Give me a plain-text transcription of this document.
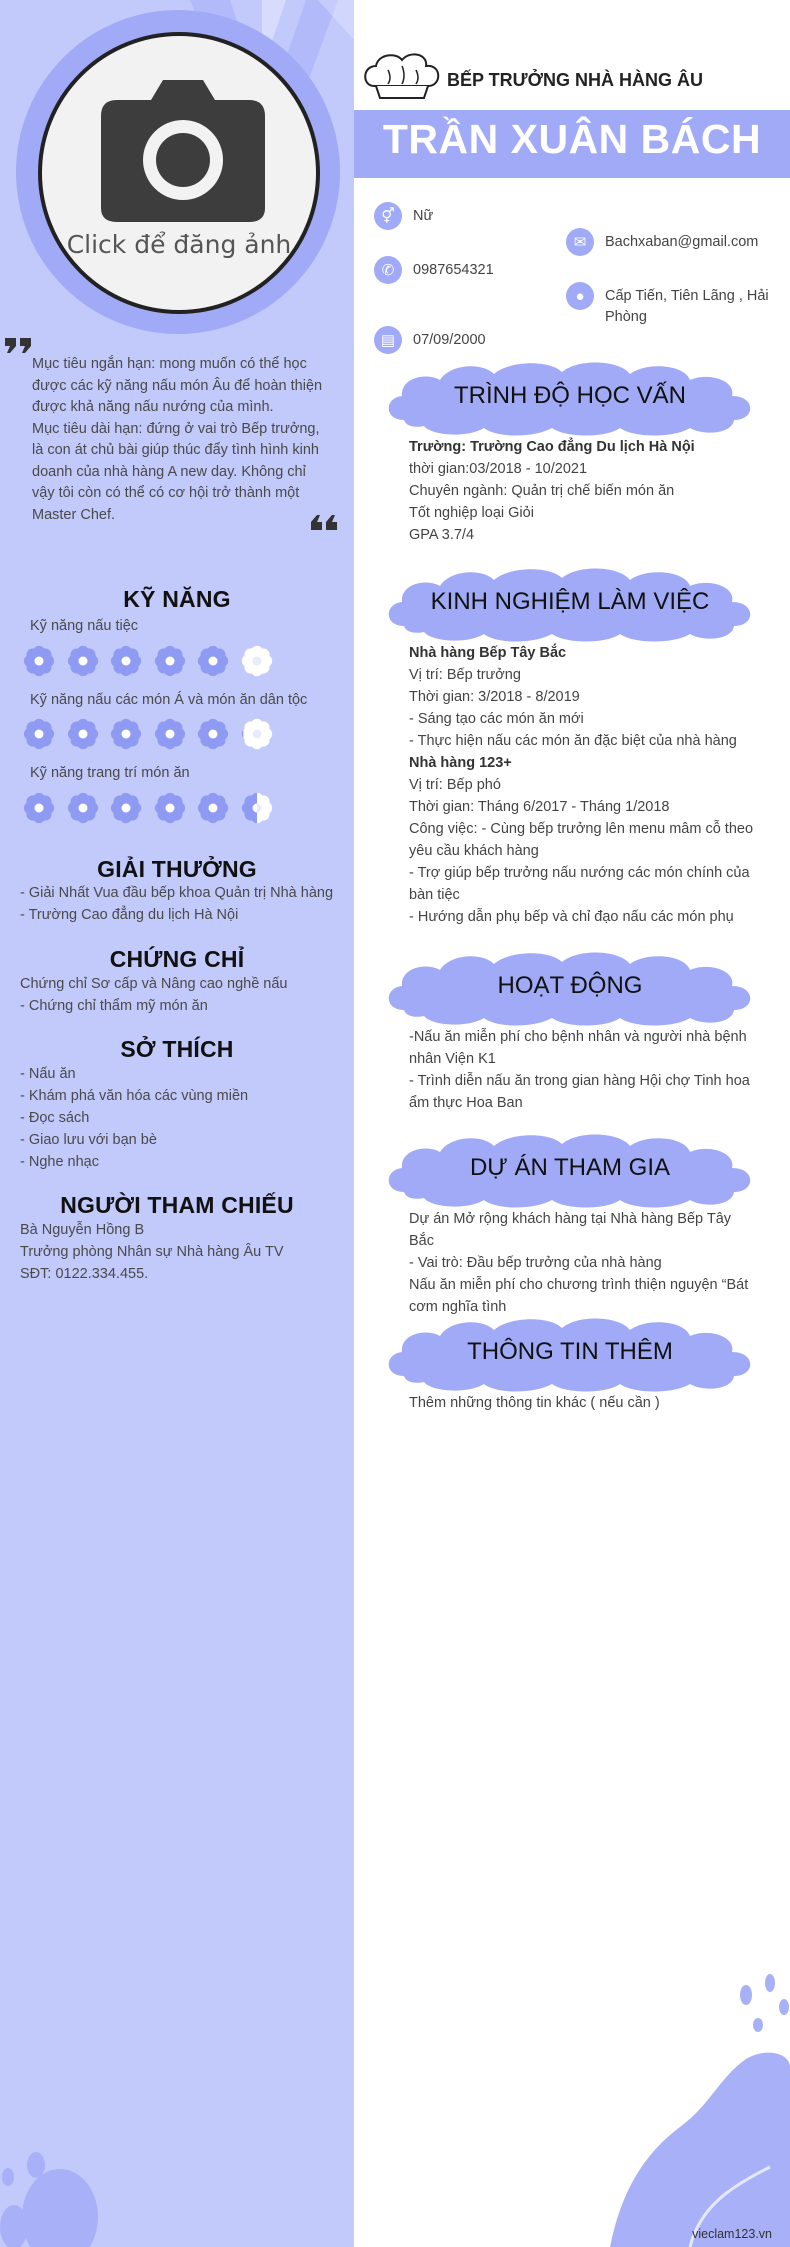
Click để đăng ảnh

Mục tiêu ngắn hạn: mong muốn có thể học được các kỹ năng nấu món Âu để hoàn thiện được khả năng nấu nướng của mình.

Mục tiêu dài hạn: đứng ở vai trò Bếp trưởng, là con át chủ bài giúp thúc đẩy tình hình kinh doanh của nhà hàng A new day. Không chỉ vậy tôi còn có thể có cơ hội trở thành một Master Chef.

KỸ NĂNG
Kỹ năng nấu tiệc
Kỹ năng nấu các món Á và món ăn dân tộc
Kỹ năng trang trí món ăn
GIẢI THƯỞNG
- Giải Nhất Vua đầu bếp khoa Quản trị Nhà hàng
- Trường Cao đẳng du lịch Hà Nội
CHỨNG CHỈ
Chứng chỉ Sơ cấp và Nâng cao nghề nấu
- Chứng chỉ thẩm mỹ món ăn
SỞ THÍCH
- Nấu ăn
- Khám phá văn hóa các vùng miền
- Đọc sách
- Giao lưu với bạn bè
- Nghe nhạc
NGƯỜI THAM CHIẾU
Bà Nguyễn Hồng B
Trưởng phòng Nhân sự Nhà hàng Âu TV
SĐT: 0122.334.455.
BẾP TRƯỞNG NHÀ HÀNG ÂU
TRẦN XUÂN BÁCH
⚥	Nữ
✆	0987654321
▤	07/09/2000
✉	Bachxaban@gmail.com
●	Cấp Tiến, Tiên Lãng , Hải Phòng
TRÌNH ĐỘ HỌC VẤN
Trường: Trường Cao đẳng Du lịch Hà Nội
thời gian:03/2018 - 10/2021
Chuyên ngành: Quản trị chế biến món ăn
Tốt nghiệp loại Giỏi
GPA 3.7/4
KINH NGHIỆM LÀM VIỆC
Nhà hàng Bếp Tây Bắc
Vị trí: Bếp trưởng
Thời gian: 3/2018 - 8/2019
- Sáng tạo các món ăn mới
- Thực hiện nấu các món ăn đặc biệt của nhà hàng
Nhà hàng 123+
Vị trí: Bếp phó
Thời gian: Tháng 6/2017 - Tháng 1/2018
Công việc: - Cùng bếp trưởng lên menu mâm cỗ theo yêu cầu khách hàng
- Trợ giúp bếp trưởng nấu nướng các món chính của bàn tiệc
- Hướng dẫn phụ bếp và chỉ đạo nấu các món phụ
HOẠT ĐỘNG
-Nấu ăn miễn phí cho bệnh nhân và người nhà bệnh nhân Viện K1
- Trình diễn nấu ăn trong gian hàng Hội chợ Tinh hoa ẩm thực Hoa Ban
DỰ ÁN THAM GIA
Dự án Mở rộng khách hàng tại Nhà hàng Bếp Tây Bắc
- Vai trò: Đầu bếp trưởng của nhà hàng
Nấu ăn miễn phí cho chương trình thiện nguyện “Bát cơm nghĩa tình
THÔNG TIN THÊM
Thêm những thông tin khác ( nếu cần )
vieclam123.vn
